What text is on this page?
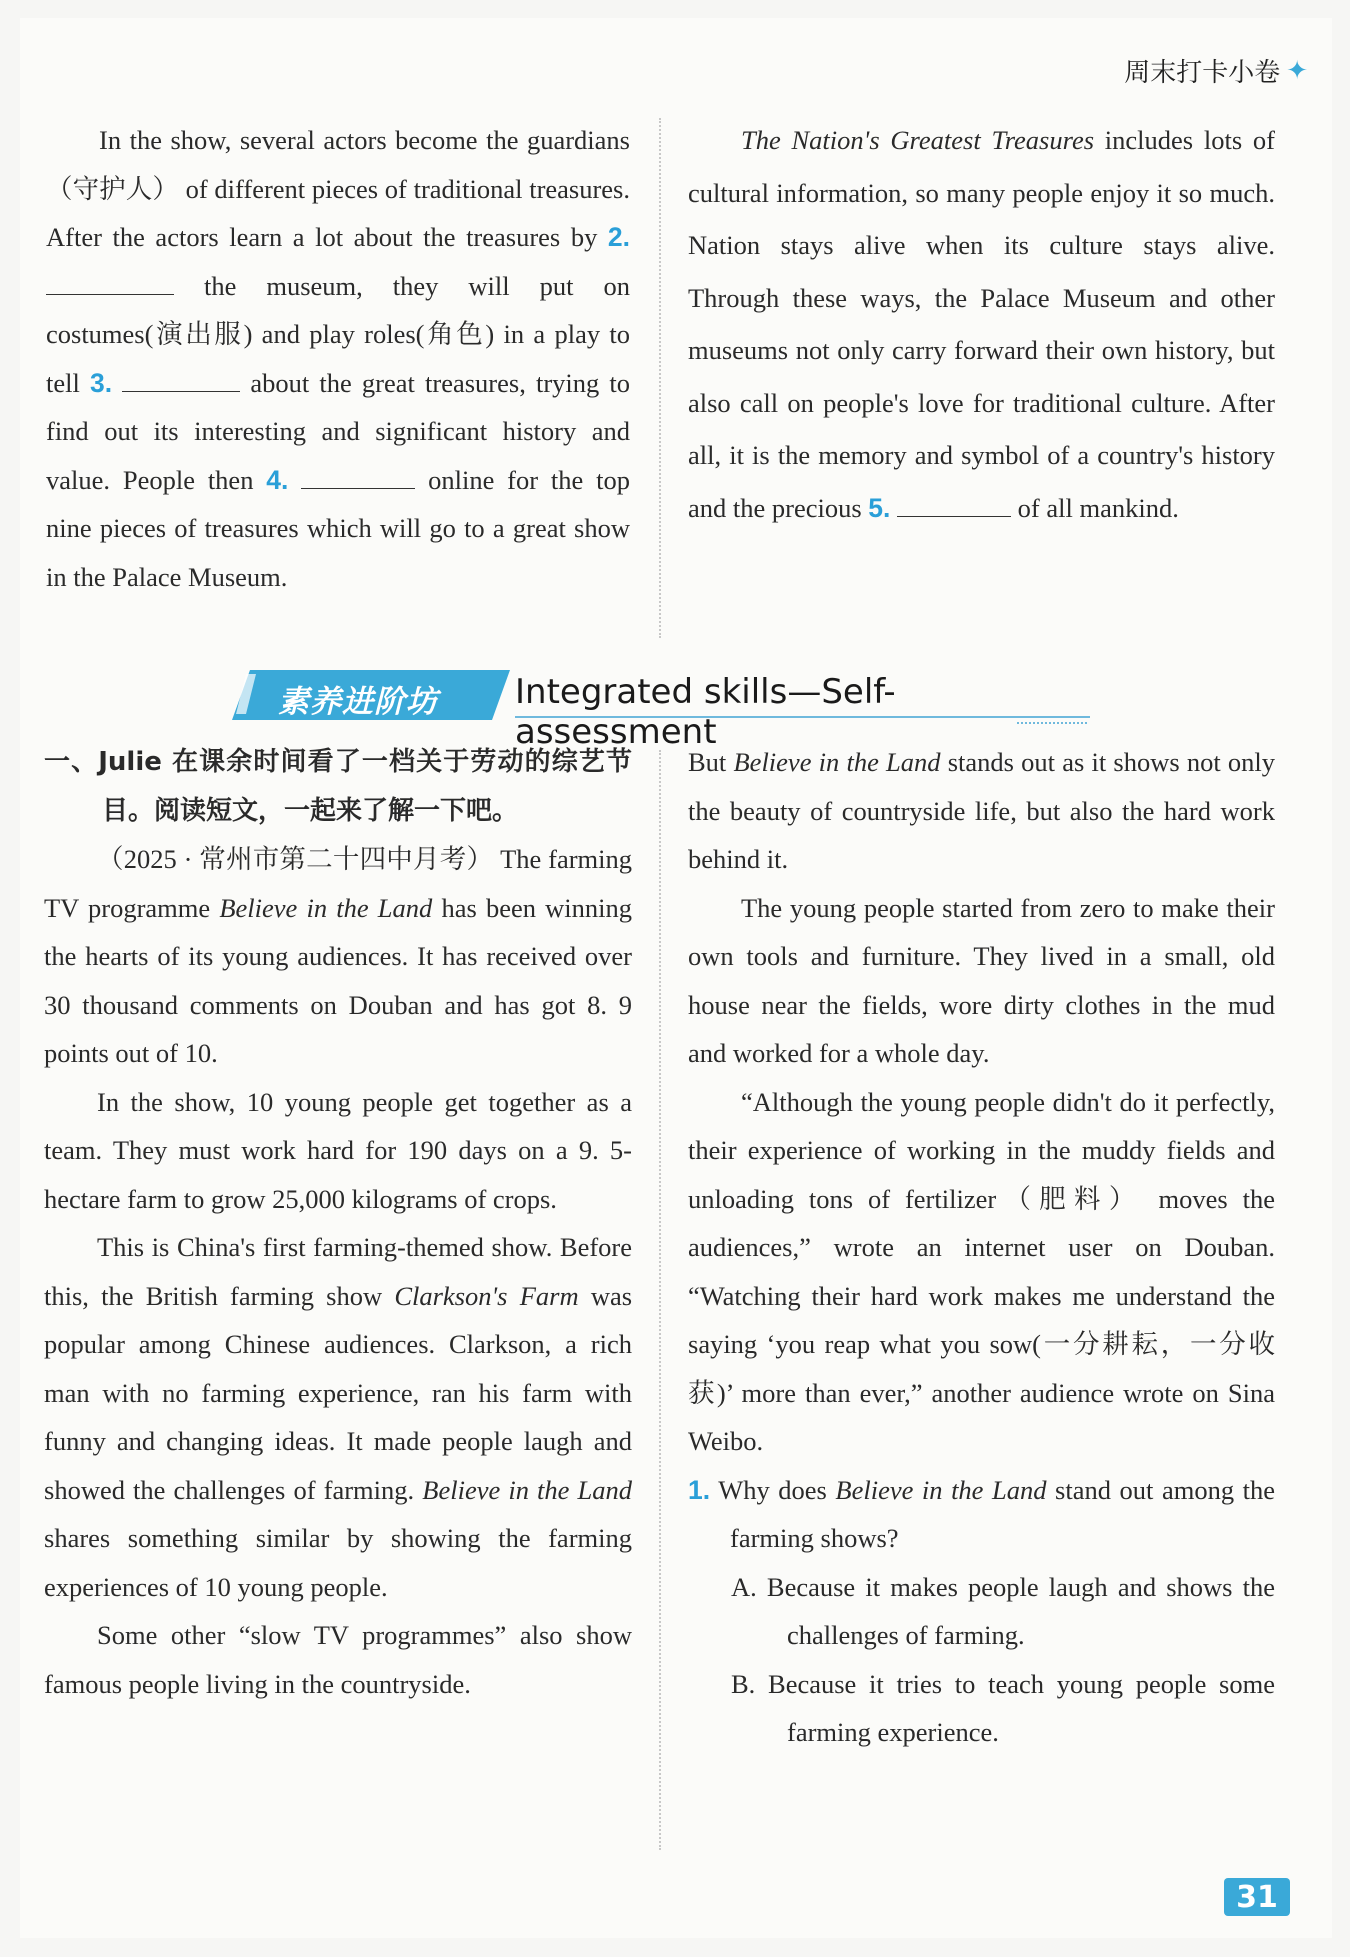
周末打卡小卷 ✦

In the show, several actors become the guardians （守护人） of different pieces of traditional treasures. After the actors learn a lot about the treasures by 2.  the museum, they will put on costumes(演出服) and play roles(角色) in a play to tell 3.	about the great treasures, trying to find out its interesting and significant history and value. People then 4.	online for the top nine pieces of treasures which will go to a great show in the Palace Museum.

The Nation's Greatest Treasures includes lots of cultural information, so many people enjoy it so much. Nation stays alive when its culture stays alive. Through these ways, the Palace Museum and other museums not only carry forward their own history, but also call on people's love for traditional culture. After all, it is the memory and symbol of a country's history and the precious 5.	of all mankind.

素养进阶坊 Integrated skills—Self-assessment

一、Julie 在课余时间看了一档关于劳动的综艺节目。阅读短文，一起来了解一下吧。

（2025 · 常州市第二十四中月考） The farming TV programme Believe in the Land has been winning the hearts of its young audiences. It has received over 30 thousand comments on Douban and has got 8. 9 points out of 10.

In the show, 10 young people get together as a team. They must work hard for 190 days on a 9. 5-hectare farm to grow 25,000 kilograms of crops.

This is China's first farming-themed show. Before this, the British farming show Clarkson's Farm was popular among Chinese audiences. Clarkson, a rich man with no farming experience, ran his farm with funny and changing ideas. It made people laugh and showed the challenges of farming. Believe in the Land shares something similar by showing the farming experiences of 10 young people.

Some other “slow TV programmes” also show famous people living in the countryside.

But Believe in the Land stands out as it shows not only the beauty of countryside life, but also the hard work behind it.

The young people started from zero to make their own tools and furniture. They lived in a small, old house near the fields, wore dirty clothes in the mud and worked for a whole day.

“Although the young people didn't do it perfectly, their experience of working in the muddy fields and unloading tons of fertilizer（肥料） moves the audiences,” wrote an internet user on Douban. “Watching their hard work makes me understand the saying ‘you reap what you sow(一分耕耘，一分收获)’ more than ever,” another audience wrote on Sina Weibo.

1. Why does Believe in the Land stand out among the farming shows?

A. Because it makes people laugh and shows the challenges of farming.

B. Because it tries to teach young people some farming experience.

31
